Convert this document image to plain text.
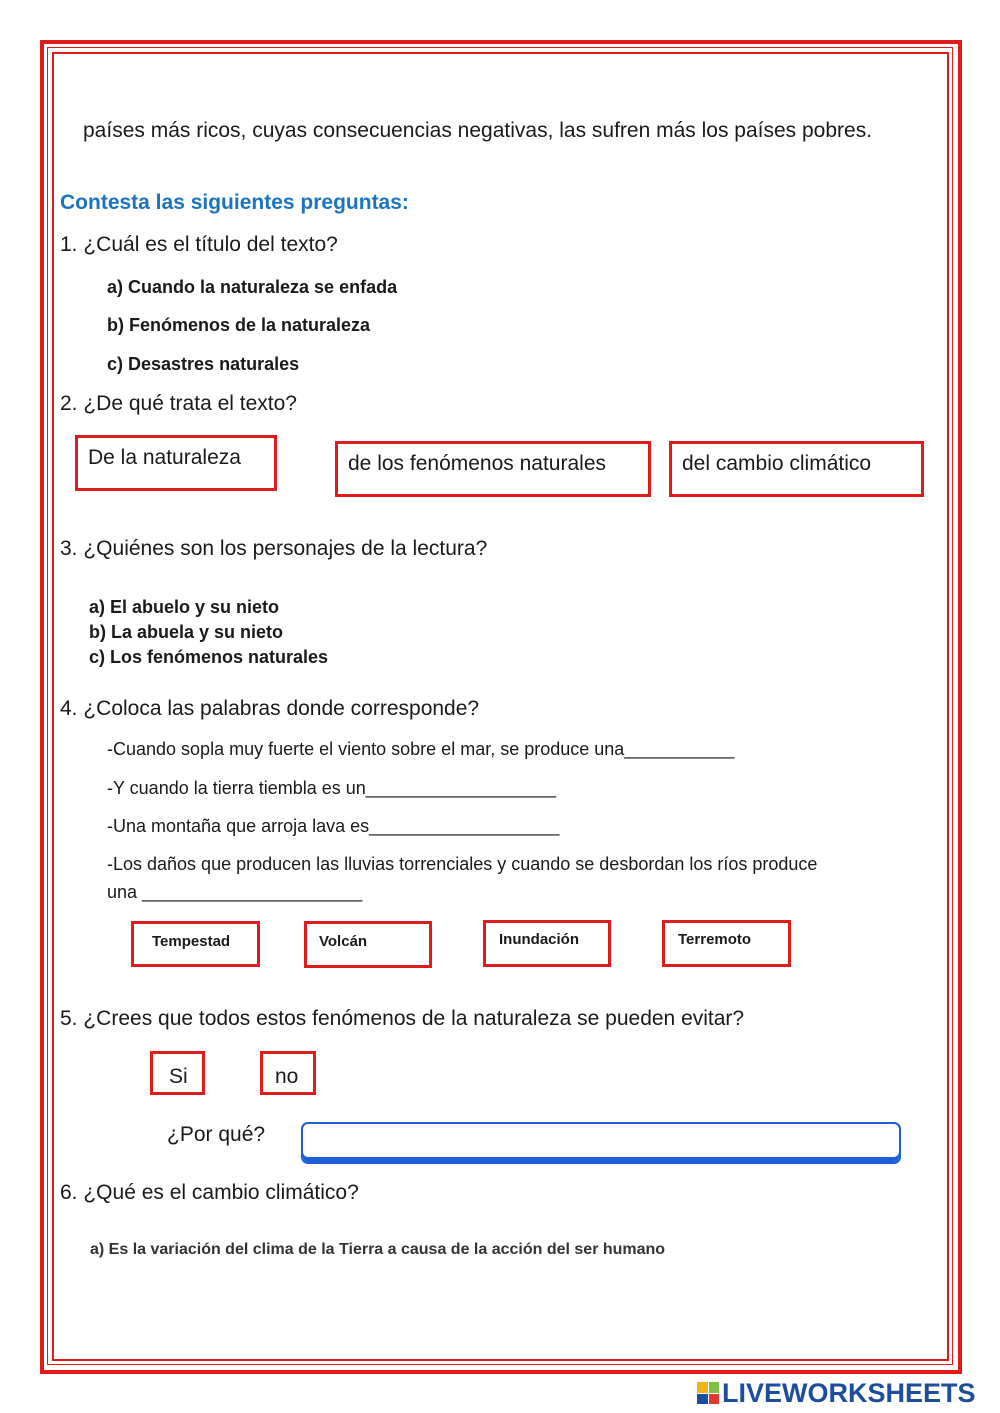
países más ricos, cuyas consecuencias negativas, las sufren más los países pobres.

Contesta las siguientes preguntas:
1. ¿Cuál es el título del texto?
a) Cuando la naturaleza se enfada
b) Fenómenos de la naturaleza
c) Desastres naturales
2. ¿De qué trata el texto?
De la naturaleza	de los fenómenos naturales	del cambio climático
3. ¿Quiénes son los personajes de la lectura?
a) El abuelo y su nieto
b) La abuela y su nieto
c) Los fenómenos naturales
4. ¿Coloca las palabras donde corresponde?
-Cuando sopla muy fuerte el viento sobre el mar, se produce una___________
-Y cuando la tierra tiembla es un___________________
-Una montaña que arroja lava es___________________
-Los daños que producen las lluvias torrenciales y cuando se desbordan los ríos produce
una ______________________
Tempestad	Volcán	Inundación	Terremoto
5. ¿Crees que todos estos fenómenos de la naturaleza se pueden evitar?
Si	no
¿Por qué?
6. ¿Qué es el cambio climático?
a) Es la variación del clima de la Tierra a causa de la acción del ser humano
LIVEWORKSHEETS
